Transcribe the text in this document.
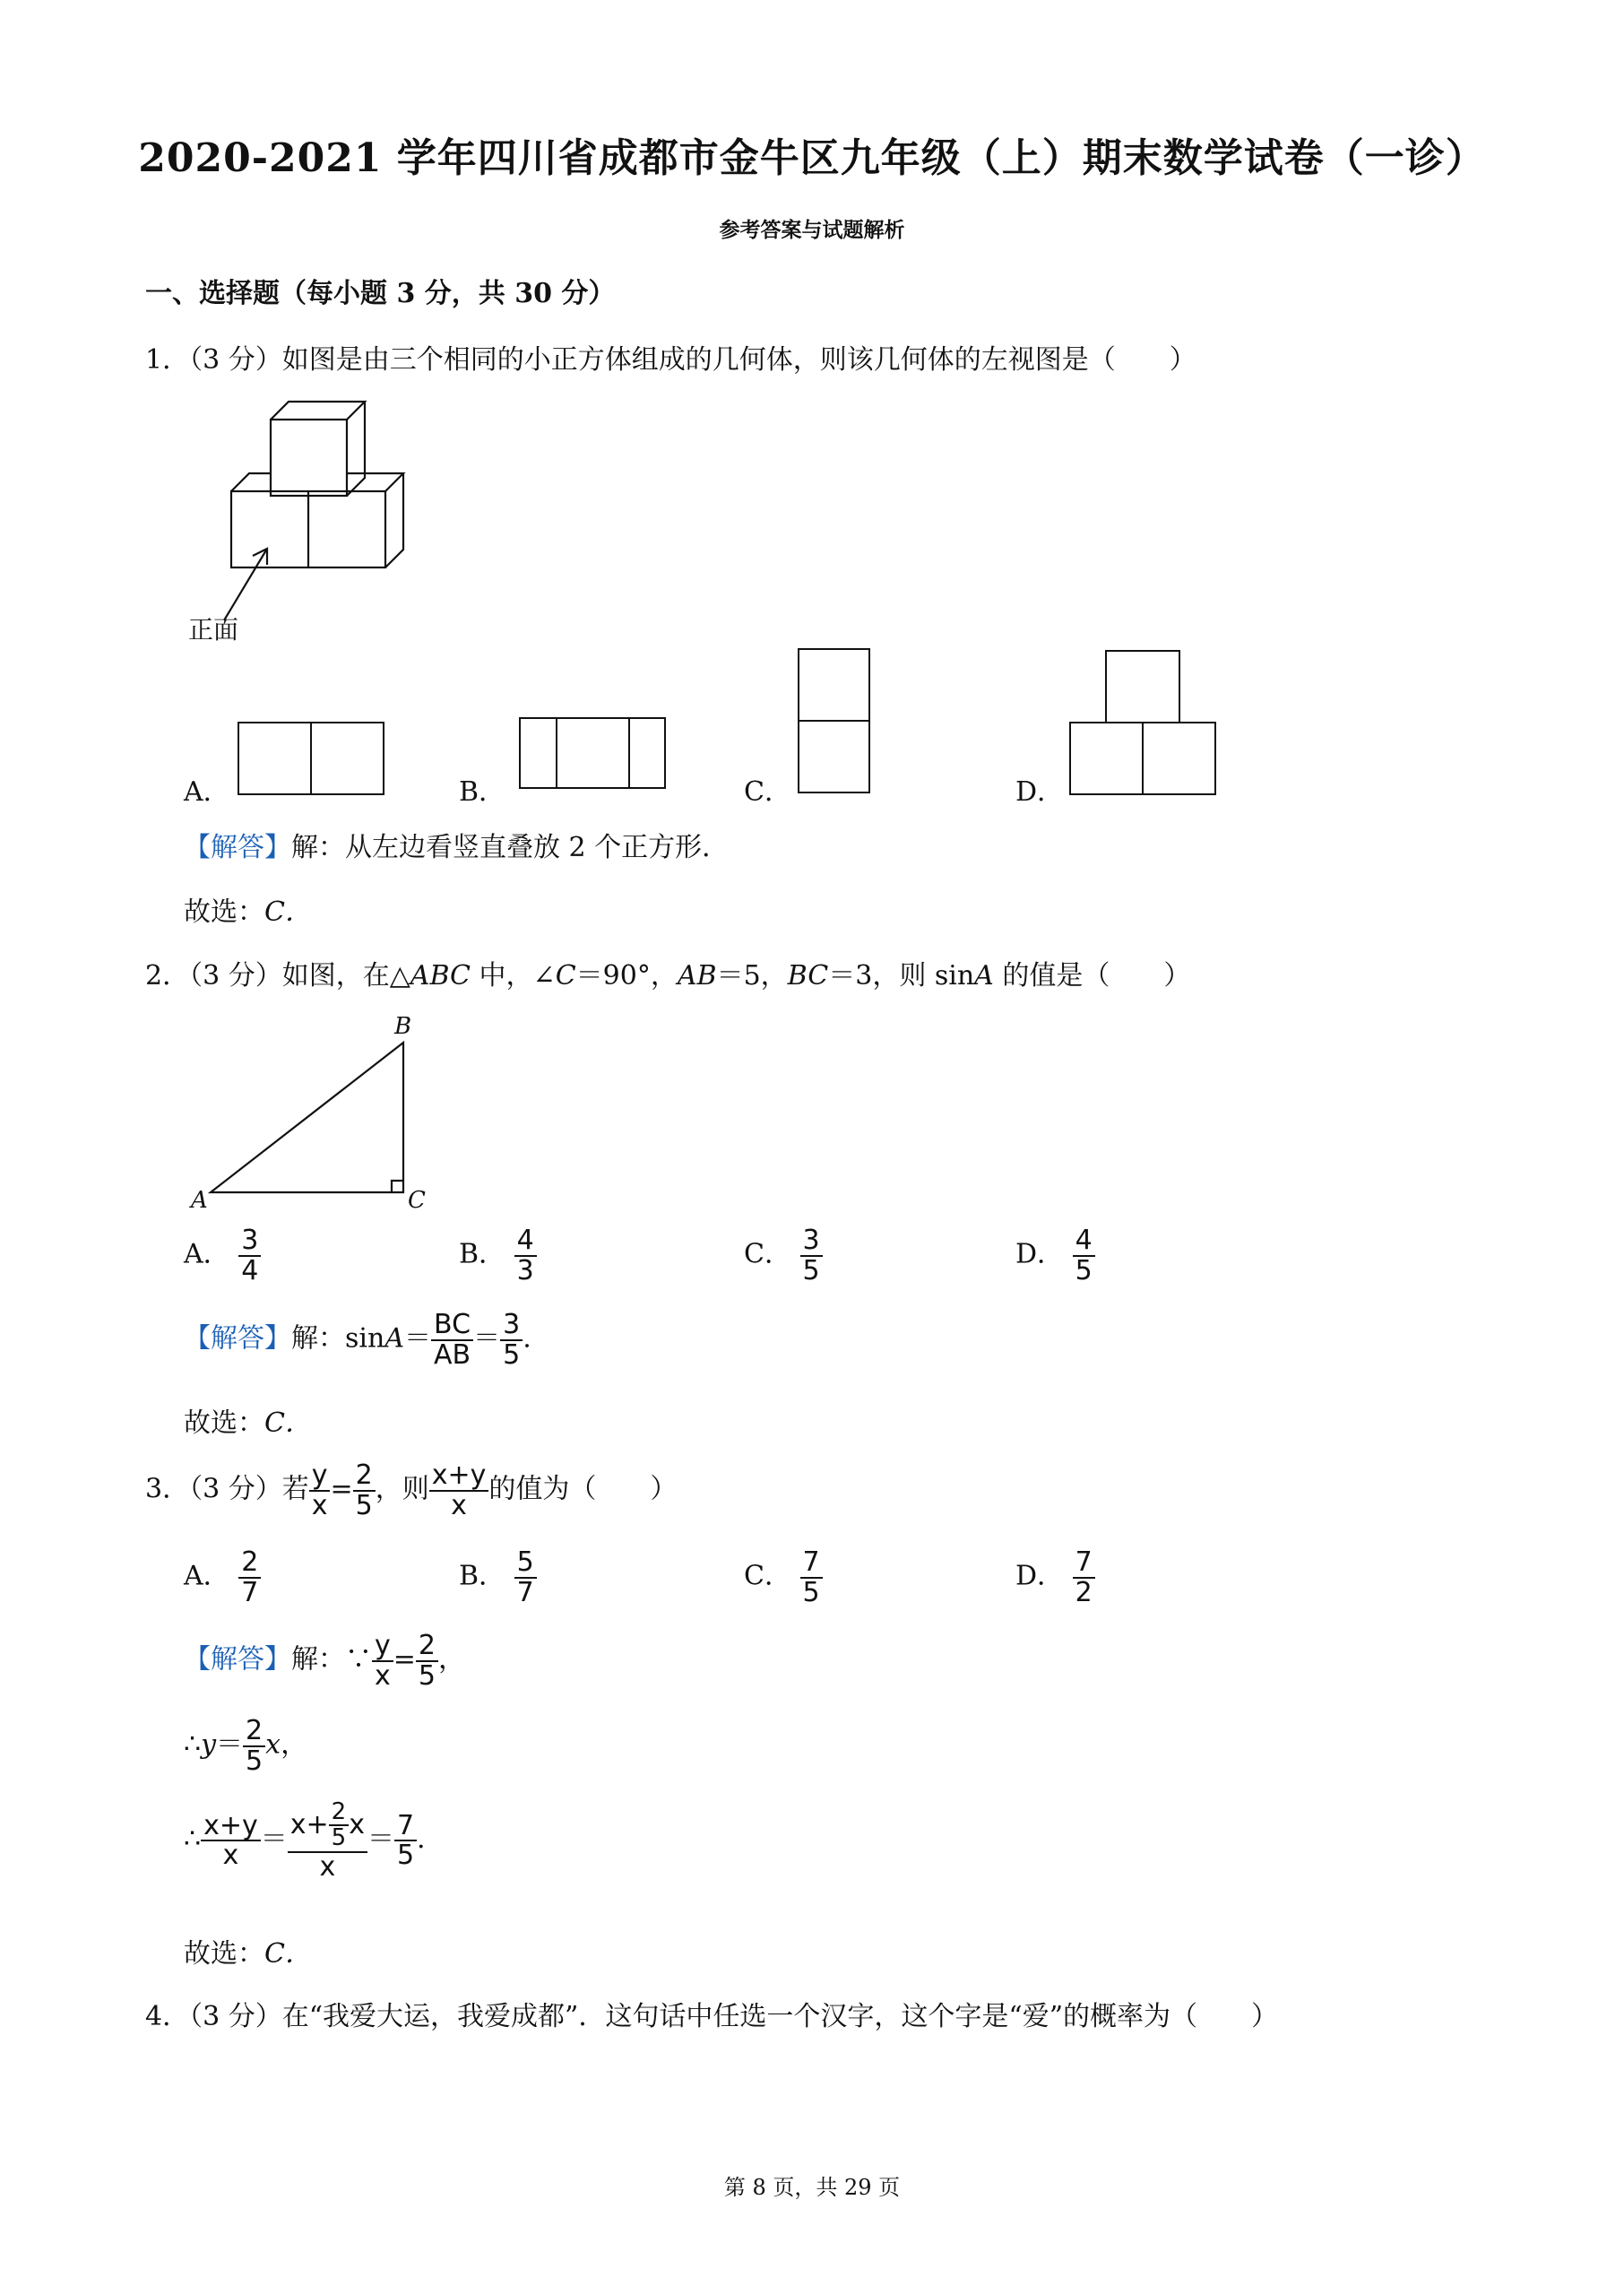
2020-2021 学年四川省成都市金牛区九年级（上）期末数学试卷（一诊）
参考答案与试题解析
一、选择题（每小题 3 分，共 30 分）
1．（3 分）如图是由三个相同的小正方体组成的几何体，则该几何体的左视图是（　　）
正面
A．	B．	C．	D．
【解答】解：从左边看竖直叠放 2 个正方形．
故选：C．
2．（3 分）如图，在△ABC 中，∠C＝90°，AB＝5，BC＝3，则 sinA 的值是（　　）
A
B
C
A． $\frac{3}{4}$	B． $\frac{4}{3}$	C． $\frac{3}{5}$	D． $\frac{4}{5}$
【解答】解：$\sin A= \frac{BC}{AB} = \frac{3}{5}$ .
故选：C．
3．（3 分）若 $\frac{y}{x} = \frac{2}{5}$ ，则 $\frac{x+y}{x}$ 的值为（　　）
A． $\frac{2}{7}$	B． $\frac{5}{7}$	C． $\frac{7}{5}$	D． $\frac{7}{2}$
【解答】解：∵ $\frac{y}{x} = \frac{2}{5}$ ，
∴y＝ $\frac{2}{5}$ x，
∴ $\frac{x+y}{x} = \frac{x+ \frac{2}{5} x}{x} = \frac{7}{5}$ .
故选：C．
4．（3 分）在“我爱大运，我爱成都”．这句话中任选一个汉字，这个字是“爱”的概率为（　　）
第 8 页，共 29 页
